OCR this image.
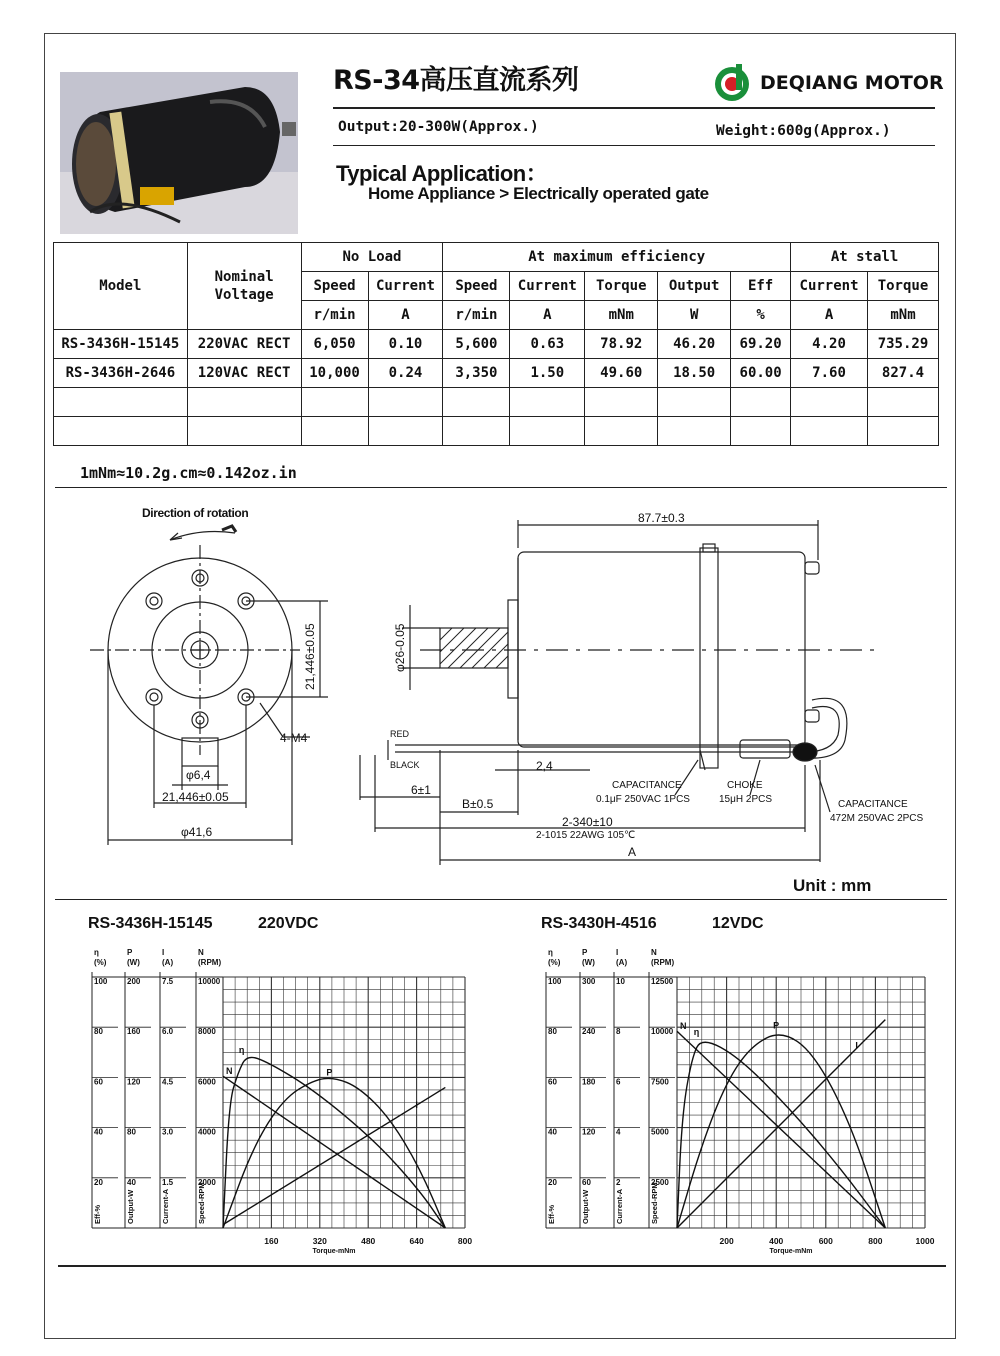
RS-34高压直流系列	DEQIANG MOTOR
Output:20-300W(Approx.)	Weight:600g(Approx.)
Typical Application：
Home Appliance > Electrically operated gate
Model	Nominal Voltage	No Load		At maximum efficiency					At stall	
		Speed	Current	Speed	Current	Torque	Output	Eff	Current	Torque
		r/min	A	r/min	A	mNm	W	%	A	mNm
RS-3436H-15145	220VAC RECT	6,050	0.10	5,600	0.63	78.92	46.20	69.20	4.20	735.29
RS-3436H-2646	120VAC RECT	10,000	0.24	3,350	1.50	49.60	18.50	60.00	7.60	827.4

1mNm≈10.2g.cm≈0.142oz.in
Direction of rotation
21,446±0.05
4-M4
φ6,4
21,446±0.05
φ41,6
87.7±0.3
φ26-0.05
RED
BLACK	2,4
6±1
B±0.5
2-340±10
2-1015 22AWG 105℃
A
CAPACITANCE
0.1μF 250VAC 1PCS
CHOKE
15μH 2PCS	CAPACITANCE
472M 250VAC 2PCS
Unit : mm
RS-3436H-15145	220VDC	RS-3430H-4516	12VDC
η
(%)
100
80
60
40
20
Eff-%
P
(W)
200
160
120
80
40
Output-W
I
(A)
7.5
6.0
4.5
3.0
1.5
Current-A
N
(RPM)
10000
8000
6000
4000
2000
Speed-RPM
160	320	480	640	800
Torque-mNm
N
I
η
P
η
(%)
100
80
60
40
20
Eff-%
P
(W)
300
240
180
120
60
Output-W
I
(A)
10
8
6
4
2
Current-A
N
(RPM)
12500
10000
7500
5000
2500
Speed-RPM
200	400	600	800	1000
Torque-mNm
N
η
P
I
